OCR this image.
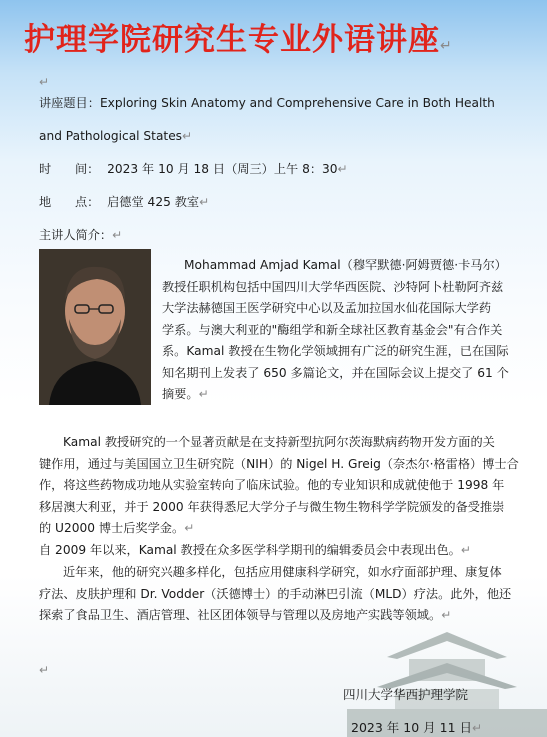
护理学院研究生专业外语讲座↵
↵
讲座题目：Exploring Skin Anatomy and Comprehensive Care in Both Health
and Pathological States↵
时 间： 2023 年 10 月 18 日（周三）上午 8：30↵
地 点： 启德堂 425 教室↵
主讲人简介：↵
Mohammad Amjad Kamal（穆罕默德·阿姆贾德·卡马尔）
教授任职机构包括中国四川大学华西医院、沙特阿卜杜勒阿齐兹
大学法赫德国王医学研究中心以及孟加拉国水仙花国际大学药
学系。与澳大利亚的"酶组学和新全球社区教育基金会"有合作关
系。Kamal 教授在生物化学领域拥有广泛的研究生涯，已在国际
知名期刊上发表了 650 多篇论文，并在国际会议上提交了 61 个
摘要。↵
Kamal 教授研究的一个显著贡献是在支持新型抗阿尔茨海默病药物开发方面的关
键作用，通过与美国国立卫生研究院（NIH）的 Nigel H. Greig（奈杰尔·格雷格）博士合
作，将这些药物成功地从实验室转向了临床试验。他的专业知识和成就使他于 1998 年
移居澳大利亚，并于 2000 年获得悉尼大学分子与微生物生物科学学院颁发的备受推崇
的 U2000 博士后奖学金。↵
自 2009 年以来，Kamal 教授在众多医学科学期刊的编辑委员会中表现出色。↵
近年来，他的研究兴趣多样化，包括应用健康科学研究，如水疗面部护理、康复体
疗法、皮肤护理和 Dr. Vodder（沃德博士）的手动淋巴引流（MLD）疗法。此外，他还
探索了食品卫生、酒店管理、社区团体领导与管理以及房地产实践等领域。↵
↵
四川大学华西护理学院
2023 年 10 月 11 日↵
